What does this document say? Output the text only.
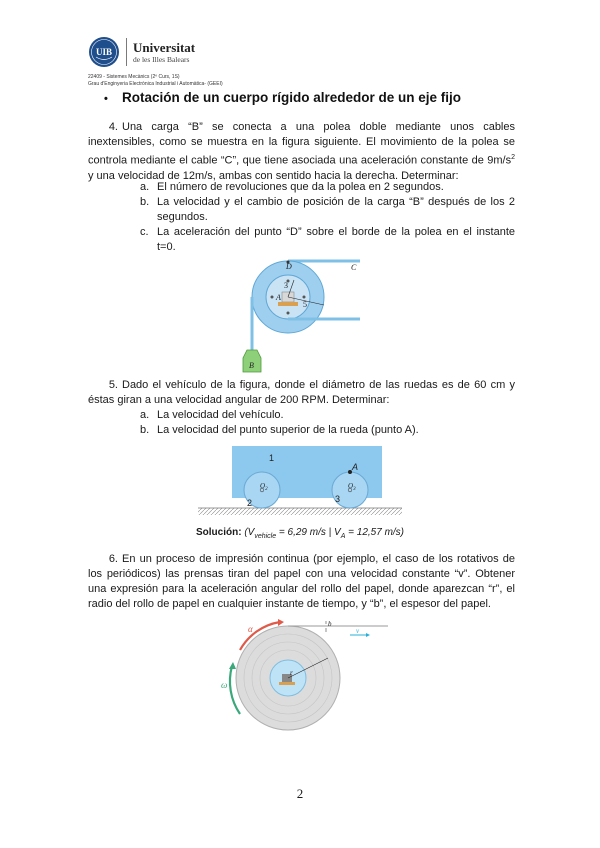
UIB Universitat
de les Illes Balears
22409 - Sistemes Mecànics (2º Curs, 1S)
Grau d'Enginyeria Electrònica Industrial i Automàtica- (GEEI)
• Rotación de un cuerpo rígido alrededor de un eje fijo
4. Una carga “B” se conecta a una polea doble mediante unos cables inextensibles, como se muestra en la figura siguiente. El movimiento de la polea se controla mediante el cable “C”, que tiene asociada una aceleración constante de $9m/s^2$ y una velocidad de 12m/s, ambas con sentido hacia la derecha. Determinar:
a. El número de revoluciones que da la polea en 2 segundos.
b. La velocidad y el cambio de posición de la carga “B” después de los 2 segundos.
c. La aceleración del punto “D” sobre el borde de la polea en el instante t=0.
D	C
A
3
5
B
5. Dado el vehículo de la figura, donde el diámetro de las ruedas es de 60 cm y éstas giran a una velocidad angular de 200 RPM. Determinar:
a. La velocidad del vehículo.
b. La velocidad del punto superior de la rueda (punto A).
1
A
$O_2$	$O_3$
2	3
Solución: ($V_{vehicle} = 6,29$ m/s | $V_A = 12,57$ m/s)
6. En un proceso de impresión continua (por ejemplo, el caso de los rotativos de los periódicos) las prensas tiran del papel con una velocidad constante “v”. Obtener una expresión para la aceleración angular del rollo del papel, donde aparezcan “r”, el radio del rollo de papel en cualquier instante de tiempo, y “b”, el espesor del papel.
b
v
α
ω
r
2
